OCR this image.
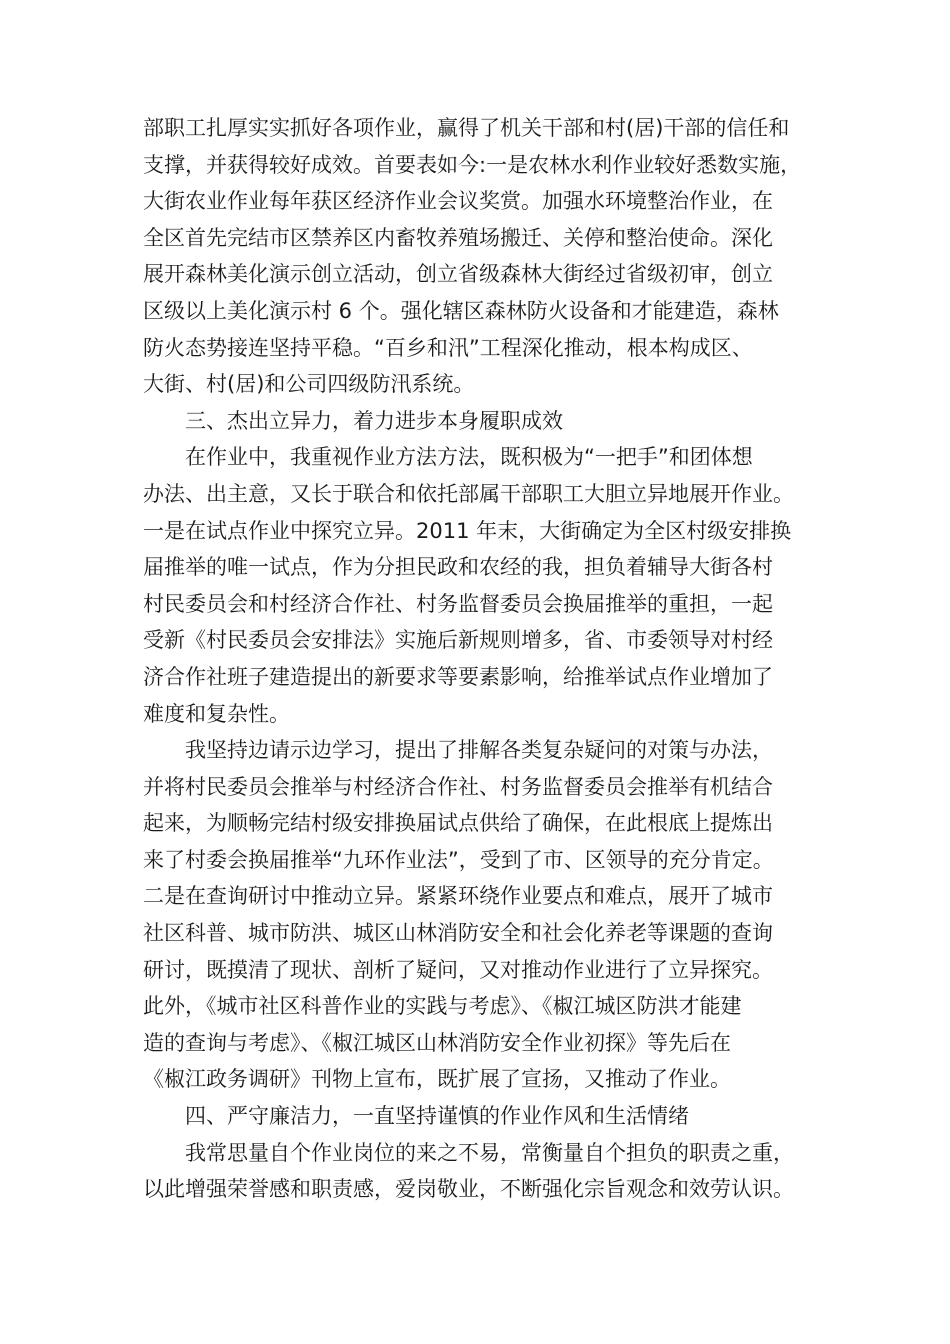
部职工扎厚实实抓好各项作业，赢得了机关干部和村(居)干部的信任和
支撑，并获得较好成效。首要表如今:一是农林水利作业较好悉数实施，
大街农业作业每年获区经济作业会议奖赏。加强水环境整治作业，在
全区首先完结市区禁养区内畜牧养殖场搬迁、关停和整治使命。深化
展开森林美化演示创立活动，创立省级森林大街经过省级初审，创立
区级以上美化演示村 6 个。强化辖区森林防火设备和才能建造，森林
防火态势接连坚持平稳。“百乡和汛”工程深化推动，根本构成区、
大街、村(居)和公司四级防汛系统。
三、杰出立异力，着力进步本身履职成效
在作业中，我重视作业方法方法，既积极为“一把手”和团体想
办法、出主意，又长于联合和依托部属干部职工大胆立异地展开作业。
一是在试点作业中探究立异。2011 年末，大街确定为全区村级安排换
届推举的唯一试点，作为分担民政和农经的我，担负着辅导大街各村
村民委员会和村经济合作社、村务监督委员会换届推举的重担，一起
受新《村民委员会安排法》实施后新规则增多，省、市委领导对村经
济合作社班子建造提出的新要求等要素影响，给推举试点作业增加了
难度和复杂性。
我坚持边请示边学习，提出了排解各类复杂疑问的对策与办法，
并将村民委员会推举与村经济合作社、村务监督委员会推举有机结合
起来，为顺畅完结村级安排换届试点供给了确保，在此根底上提炼出
来了村委会换届推举“九环作业法”，受到了市、区领导的充分肯定。
二是在查询研讨中推动立异。紧紧环绕作业要点和难点，展开了城市
社区科普、城市防洪、城区山林消防安全和社会化养老等课题的查询
研讨，既摸清了现状、剖析了疑问，又对推动作业进行了立异探究。
此外，《城市社区科普作业的实践与考虑》、《椒江城区防洪才能建
造的查询与考虑》、《椒江城区山林消防安全作业初探》等先后在
《椒江政务调研》刊物上宣布，既扩展了宣扬，又推动了作业。
四、严守廉洁力，一直坚持谨慎的作业作风和生活情绪
我常思量自个作业岗位的来之不易，常衡量自个担负的职责之重，
以此增强荣誉感和职责感，爱岗敬业，不断强化宗旨观念和效劳认识。
